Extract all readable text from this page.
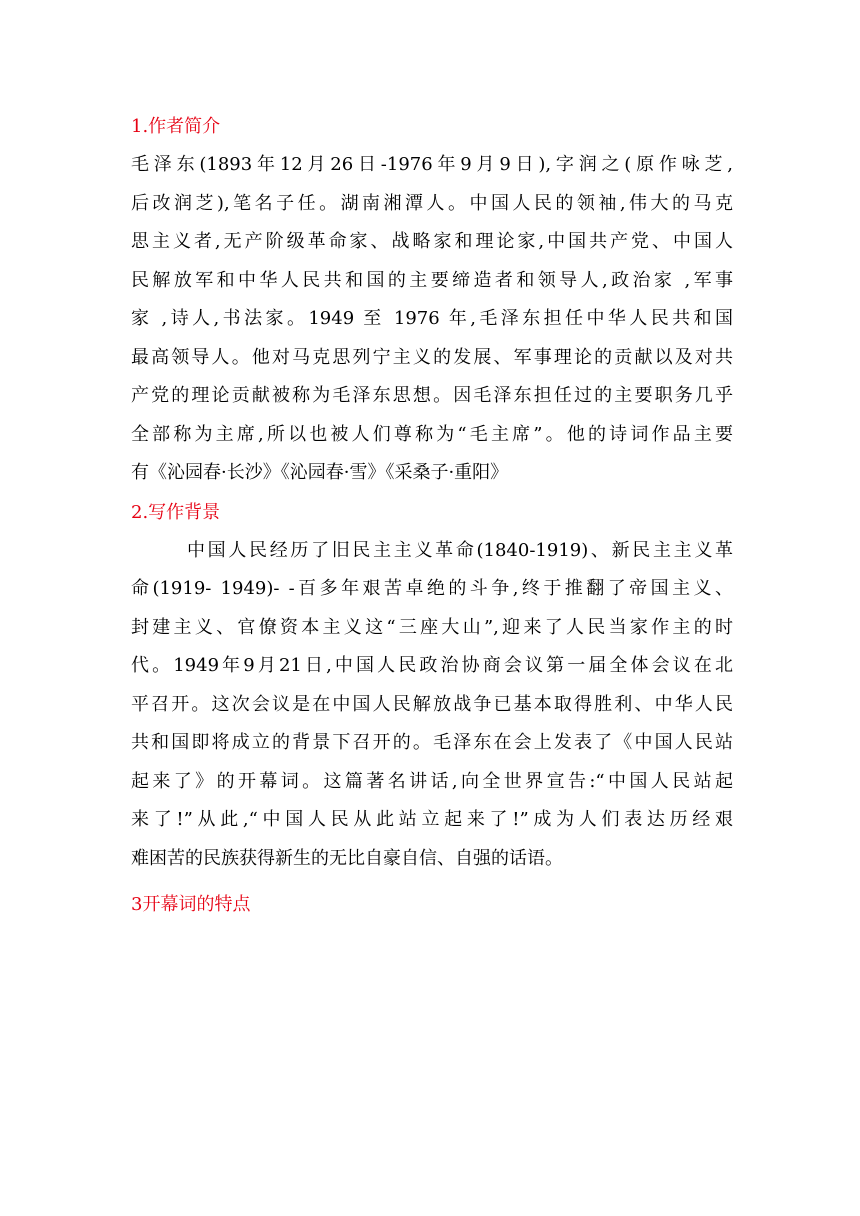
1.作者简介
毛泽东(1893年12月26日-1976年9月9日),字润之(原作咏芝,
后改润芝),笔名子任。湖南湘潭人。中国人民的领袖,伟大的马克
思主义者,无产阶级革命家、战略家和理论家,中国共产党、中国人
民解放军和中华人民共和国的主要缔造者和领导人,政治家 ,军事
家 ,诗人,书法家。1949 至 1976 年,毛泽东担任中华人民共和国
最高领导人。他对马克思列宁主义的发展、军事理论的贡献以及对共
产党的理论贡献被称为毛泽东思想。因毛泽东担任过的主要职务几乎
全部称为主席,所以也被人们尊称为“毛主席”。他的诗词作品主要
有《沁园春·长沙》《沁园春·雪》《采桑子·重阳》
2.写作背景
中国人民经历了旧民主主义革命(1840-1919)、新民主主义革
命(1919- 1949)- -百多年艰苦卓绝的斗争,终于推翻了帝国主义、
封建主义、官僚资本主义这“三座大山”,迎来了人民当家作主的时
代。1949年9月21日,中国人民政治协商会议第一届全体会议在北
平召开。这次会议是在中国人民解放战争已基本取得胜利、中华人民
共和国即将成立的背景下召开的。毛泽东在会上发表了《中国人民站
起来了》的开幕词。这篇著名讲话,向全世界宣告:“中国人民站起
来了!”从此,“中国人民从此站立起来了!”成为人们表达历经艰
难困苦的民族获得新生的无比自豪自信、自强的话语。
3开幕词的特点
